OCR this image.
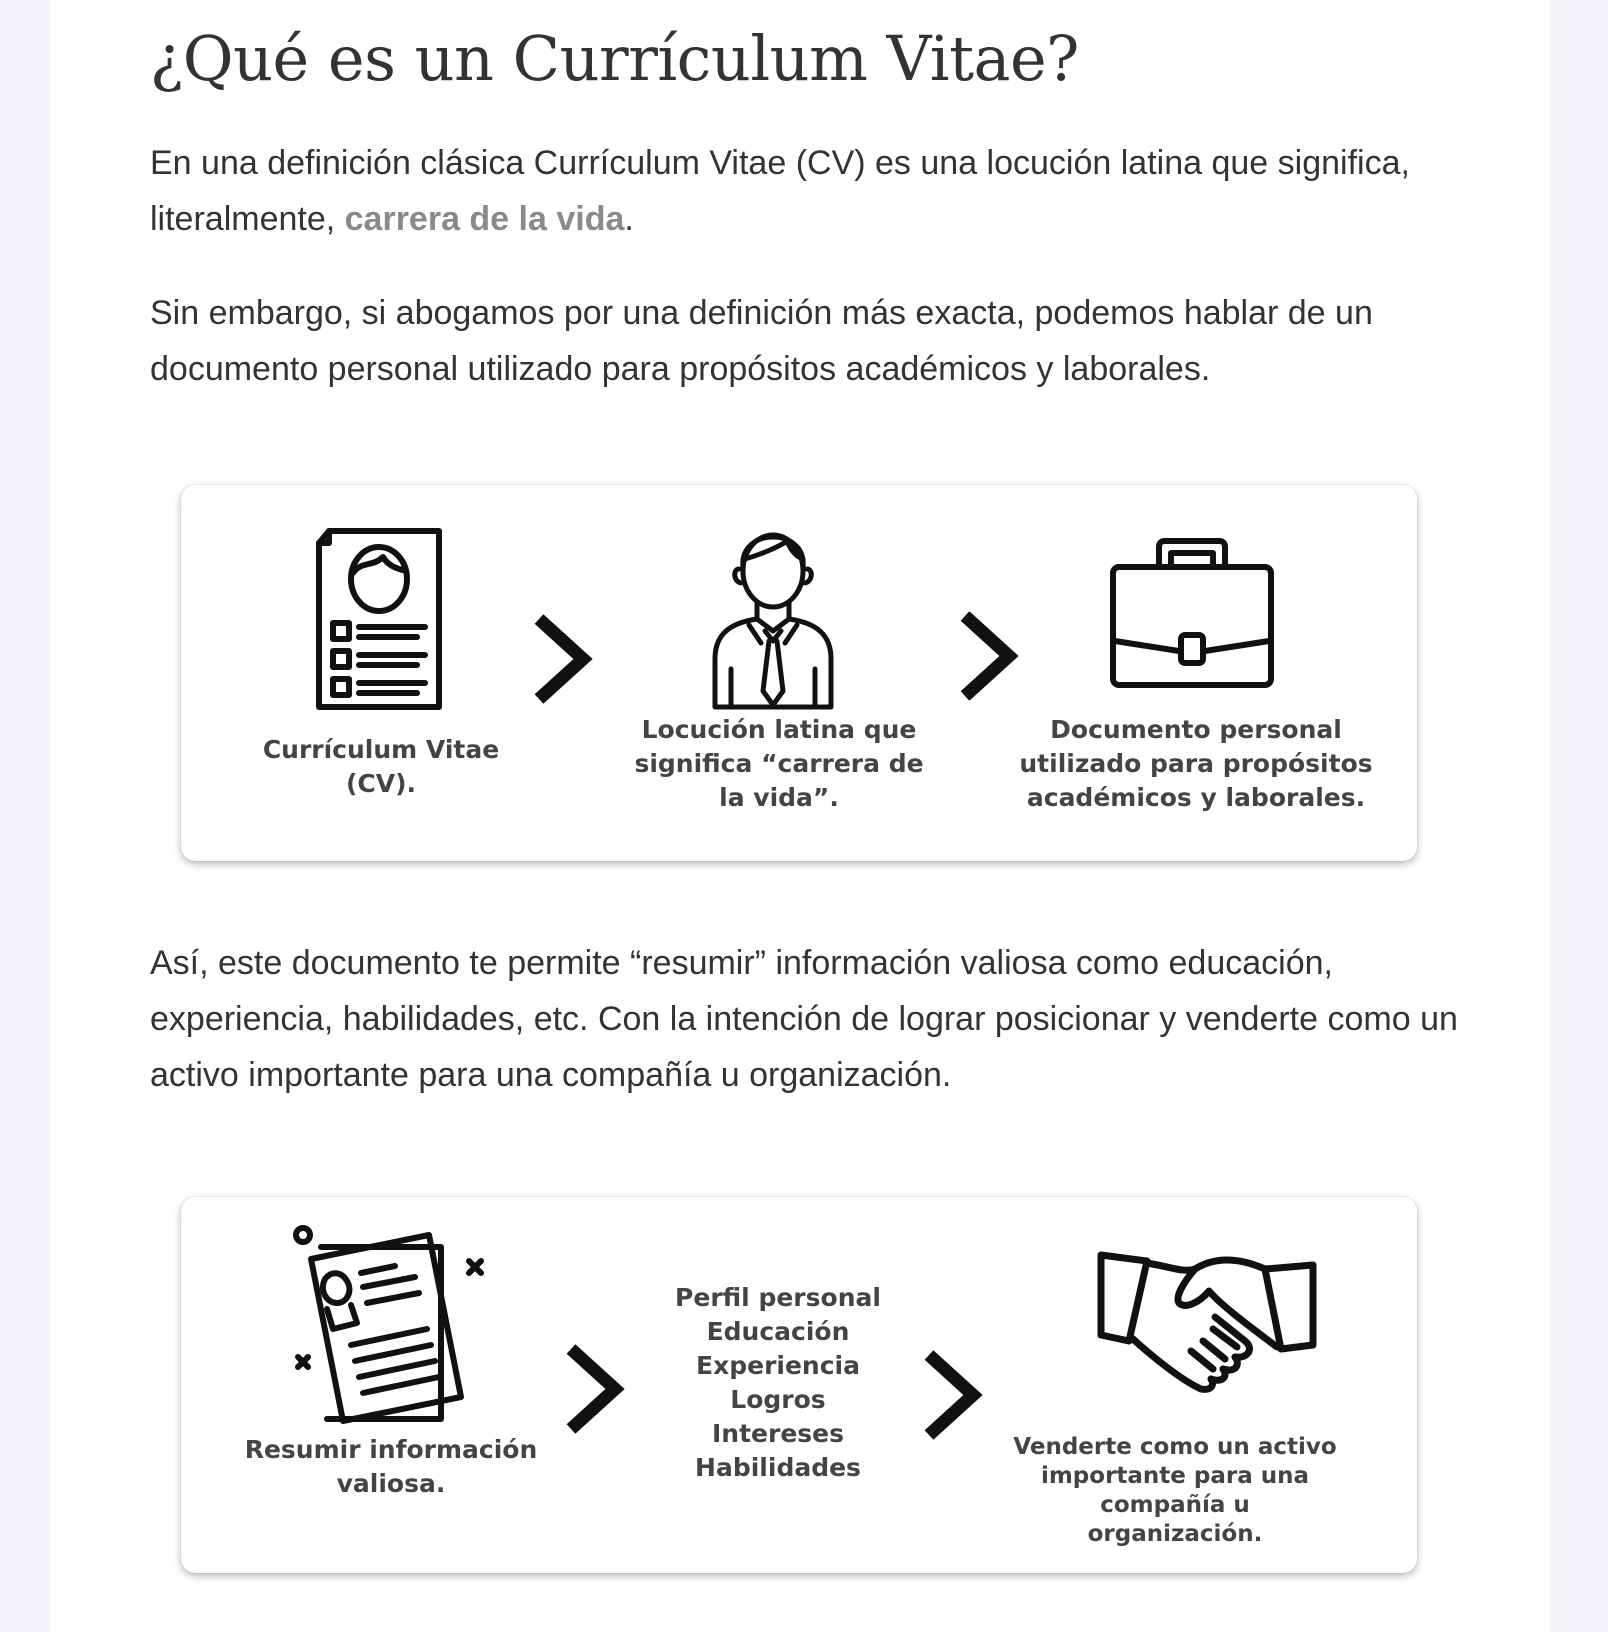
¿Qué es un Currículum Vitae?

En una definición clásica Currículum Vitae (CV) es una locución latina que significa, literalmente, carrera de la vida.

Sin embargo, si abogamos por una definición más exacta, podemos hablar de un documento personal utilizado para propósitos académicos y laborales.

Así, este documento te permite “resumir” información valiosa como educación, experiencia, habilidades, etc. Con la intención de lograr posicionar y venderte como un activo importante para una compañía u organización.

Currículum Vitae (CV).
Locución latina que significa “carrera de la vida”.
Documento personal utilizado para propósitos académicos y laborales.
Resumir información valiosa.
Perfil personal
Educación
Experiencia
Logros
Intereses
Habilidades
Venderte como un activo importante para una compañía u organización.
